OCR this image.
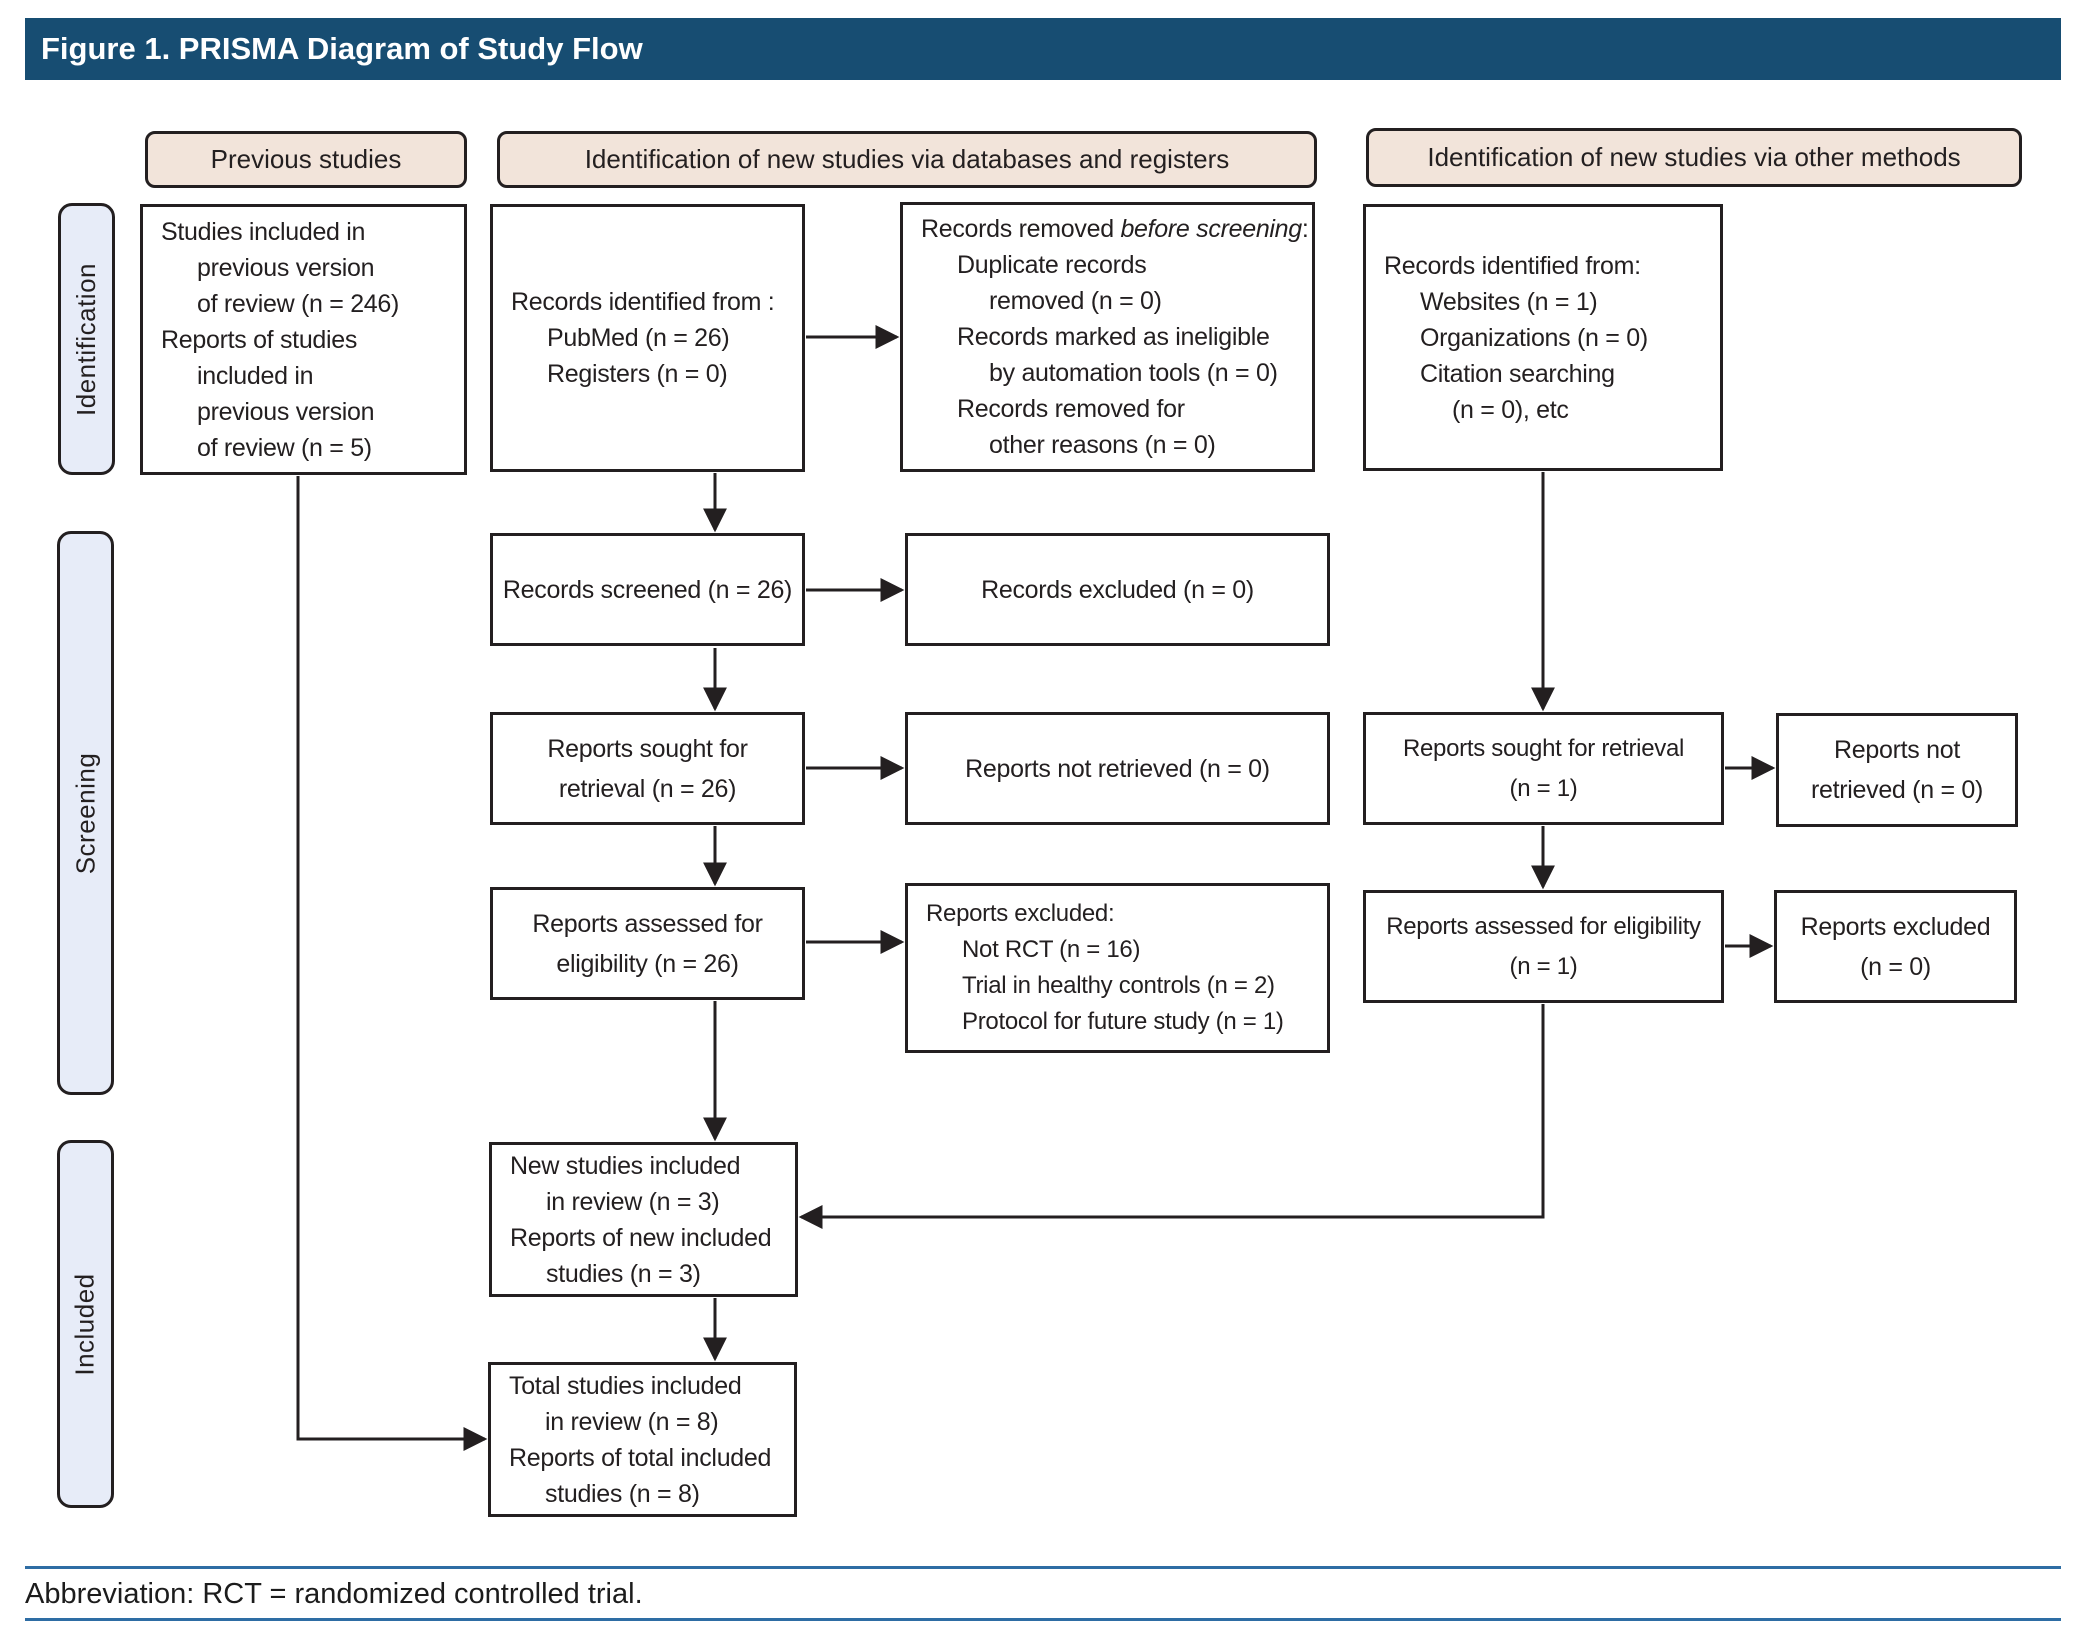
Figure 1. PRISMA Diagram of Study Flow
Previous studies	Identification of new studies via databases and registers	Identification of new studies via other methods
Identification
Screening
Included
Studies included in
previous version
of review (n = 246)
Reports of studies
included in
previous version
of review (n = 5)
Records identified from :
PubMed (n = 26)
Registers (n = 0)
Records removed before screening:
Duplicate records
removed (n = 0)
Records marked as ineligible
by automation tools (n = 0)
Records removed for
other reasons (n = 0)
Records identified from:
Websites (n = 1)
Organizations (n = 0)
Citation searching
(n = 0), etc
Records screened (n = 26)	Records excluded (n = 0)
Reports sought for
retrieval (n = 26)
Reports not retrieved (n = 0)
Reports assessed for
eligibility (n = 26)
Reports excluded:
Not RCT (n = 16)
Trial in healthy controls (n = 2)
Protocol for future study (n = 1)
Reports sought for retrieval
(n = 1)
Reports not
retrieved (n = 0)
Reports assessed for eligibility
(n = 1)
Reports excluded
(n = 0)
New studies included
in review (n = 3)
Reports of new included
studies (n = 3)
Total studies included
in review (n = 8)
Reports of total included
studies (n = 8)
Abbreviation: RCT = randomized controlled trial.
